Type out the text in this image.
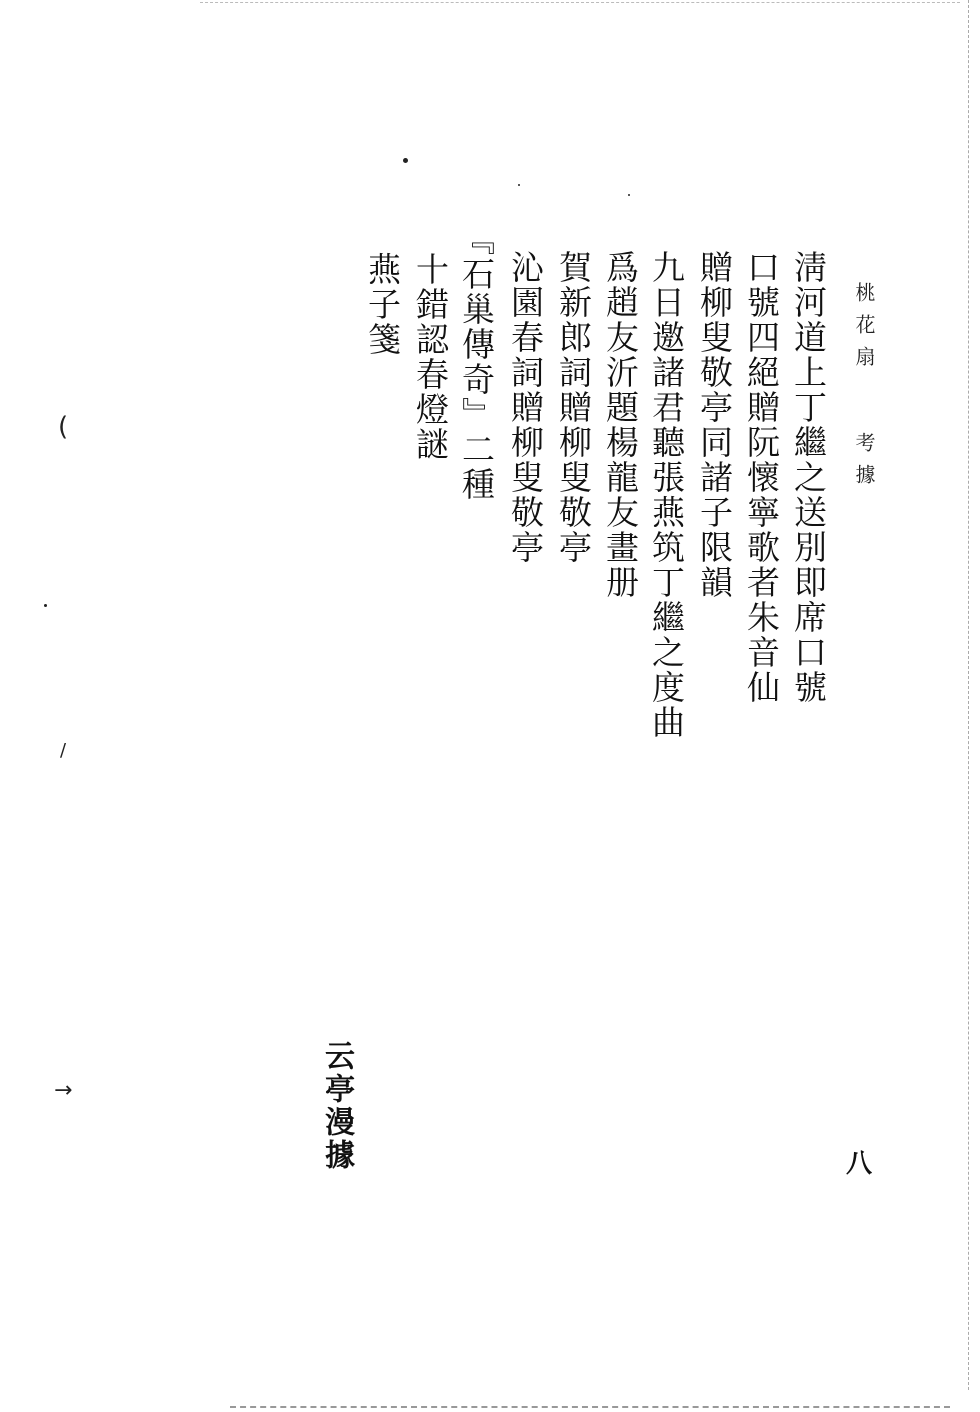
桃花扇
考據
淸河道上丁繼之送別即席口號
口號四絕贈阮懷寧歌者朱音仙
贈柳叟敬亭同諸子限韻
九日邀諸君聽張燕筑丁繼之度曲
爲趙友沂題楊龍友畫册
賀新郎詞贈柳叟敬亭
沁園春詞贈柳叟敬亭
『石巢傳奇』二種
十錯認春燈謎
燕子箋
云亭漫據	八
(
/
→
